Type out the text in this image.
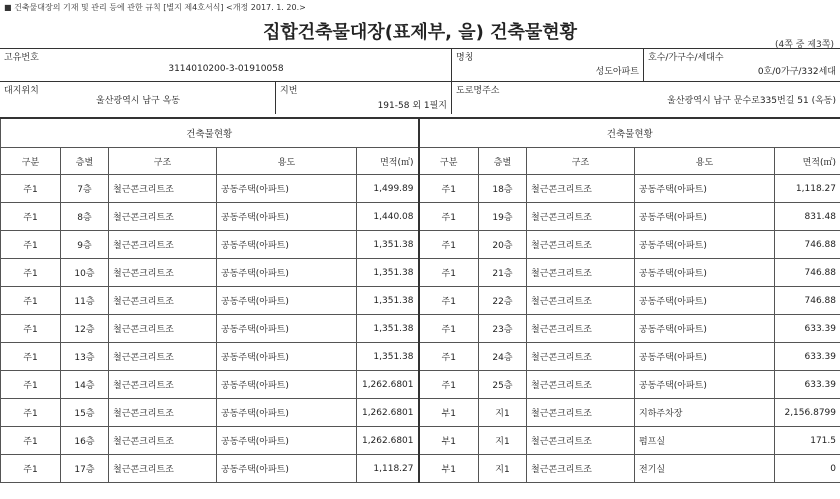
■ 건축물대장의 기재 및 관리 등에 관한 규칙 [별지 제4호서식] <개정 2017. 1. 20.>
집합건축물대장(표제부, 을) 건축물현황
(4쪽 중 제3쪽)
고유번호
3114010200-3-01910058
명칭
성도아파트
호수/가구수/세대수
0호/0가구/332세대
대지위치
울산광역시 남구 옥동
지번
191-58 외 1필지
도로명주소
울산광역시 남구 문수로335번길 51 (옥동)
건축물현황					건축물현황				
구분	층별	구조	용도	면적(㎡)	구분	층별	구조	용도	면적(㎡)
주1	7층	철근콘크리트조	공동주택(아파트)	1,499.89	주1	18층	철근콘크리트조	공동주택(아파트)	1,118.27
주1	8층	철근콘크리트조	공동주택(아파트)	1,440.08	주1	19층	철근콘크리트조	공동주택(아파트)	831.48
주1	9층	철근콘크리트조	공동주택(아파트)	1,351.38	주1	20층	철근콘크리트조	공동주택(아파트)	746.88
주1	10층	철근콘크리트조	공동주택(아파트)	1,351.38	주1	21층	철근콘크리트조	공동주택(아파트)	746.88
주1	11층	철근콘크리트조	공동주택(아파트)	1,351.38	주1	22층	철근콘크리트조	공동주택(아파트)	746.88
주1	12층	철근콘크리트조	공동주택(아파트)	1,351.38	주1	23층	철근콘크리트조	공동주택(아파트)	633.39
주1	13층	철근콘크리트조	공동주택(아파트)	1,351.38	주1	24층	철근콘크리트조	공동주택(아파트)	633.39
주1	14층	철근콘크리트조	공동주택(아파트)	1,262.6801	주1	25층	철근콘크리트조	공동주택(아파트)	633.39
주1	15층	철근콘크리트조	공동주택(아파트)	1,262.6801	부1	지1	철근콘크리트조	지하주차장	2,156.8799
주1	16층	철근콘크리트조	공동주택(아파트)	1,262.6801	부1	지1	철근콘크리트조	펌프실	171.5
주1	17층	철근콘크리트조	공동주택(아파트)	1,118.27	부1	지1	철근콘크리트조	전기실	0
